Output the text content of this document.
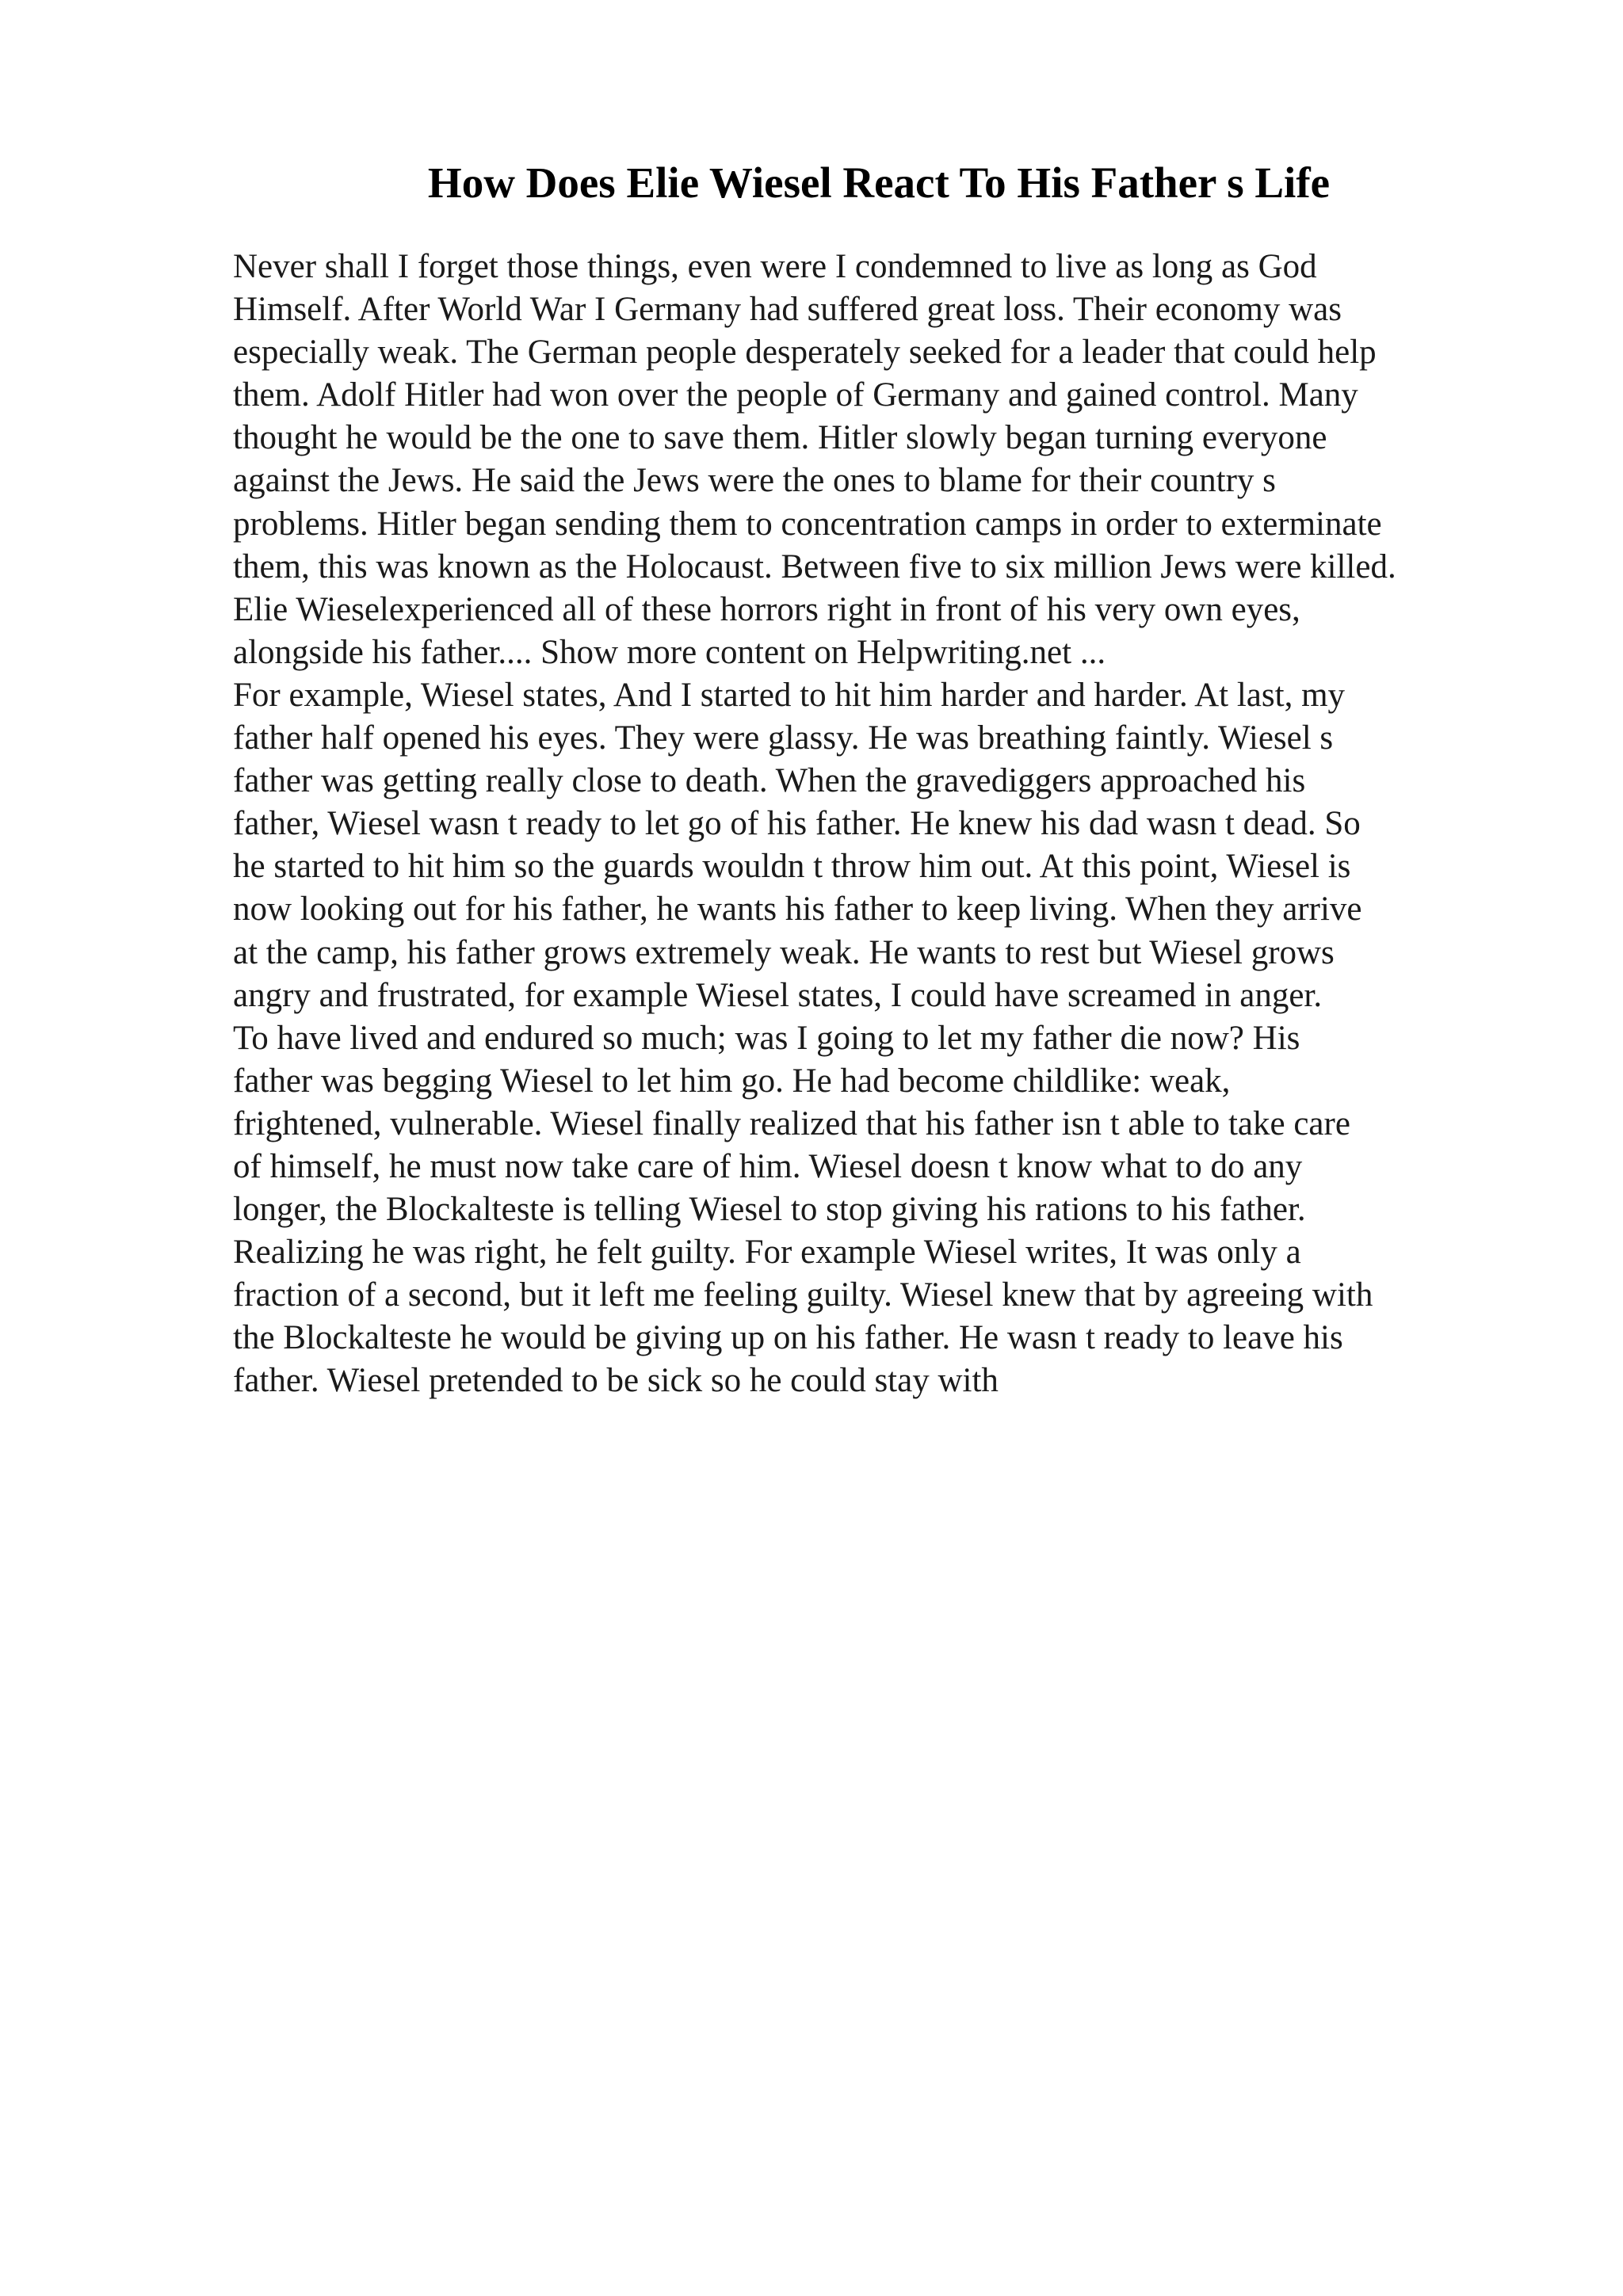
How Does Elie Wiesel React To His Father s Life
Never shall I forget those things, even were I condemned to live as long as God
Himself. After World War I Germany had suffered great loss. Their economy was
especially weak. The German people desperately seeked for a leader that could help
them. Adolf Hitler had won over the people of Germany and gained control. Many
thought he would be the one to save them. Hitler slowly began turning everyone
against the Jews. He said the Jews were the ones to blame for their country s
problems. Hitler began sending them to concentration camps in order to exterminate
them, this was known as the Holocaust. Between five to six million Jews were killed.
Elie Wieselexperienced all of these horrors right in front of his very own eyes,
alongside his father.... Show more content on Helpwriting.net ...
For example, Wiesel states, And I started to hit him harder and harder. At last, my
father half opened his eyes. They were glassy. He was breathing faintly. Wiesel s
father was getting really close to death. When the gravediggers approached his
father, Wiesel wasn t ready to let go of his father. He knew his dad wasn t dead. So
he started to hit him so the guards wouldn t throw him out. At this point, Wiesel is
now looking out for his father, he wants his father to keep living. When they arrive
at the camp, his father grows extremely weak. He wants to rest but Wiesel grows
angry and frustrated, for example Wiesel states, I could have screamed in anger.
To have lived and endured so much; was I going to let my father die now? His
father was begging Wiesel to let him go. He had become childlike: weak,
frightened, vulnerable. Wiesel finally realized that his father isn t able to take care
of himself, he must now take care of him. Wiesel doesn t know what to do any
longer, the Blockalteste is telling Wiesel to stop giving his rations to his father.
Realizing he was right, he felt guilty. For example Wiesel writes, It was only a
fraction of a second, but it left me feeling guilty. Wiesel knew that by agreeing with
the Blockalteste he would be giving up on his father. He wasn t ready to leave his
father. Wiesel pretended to be sick so he could stay with
